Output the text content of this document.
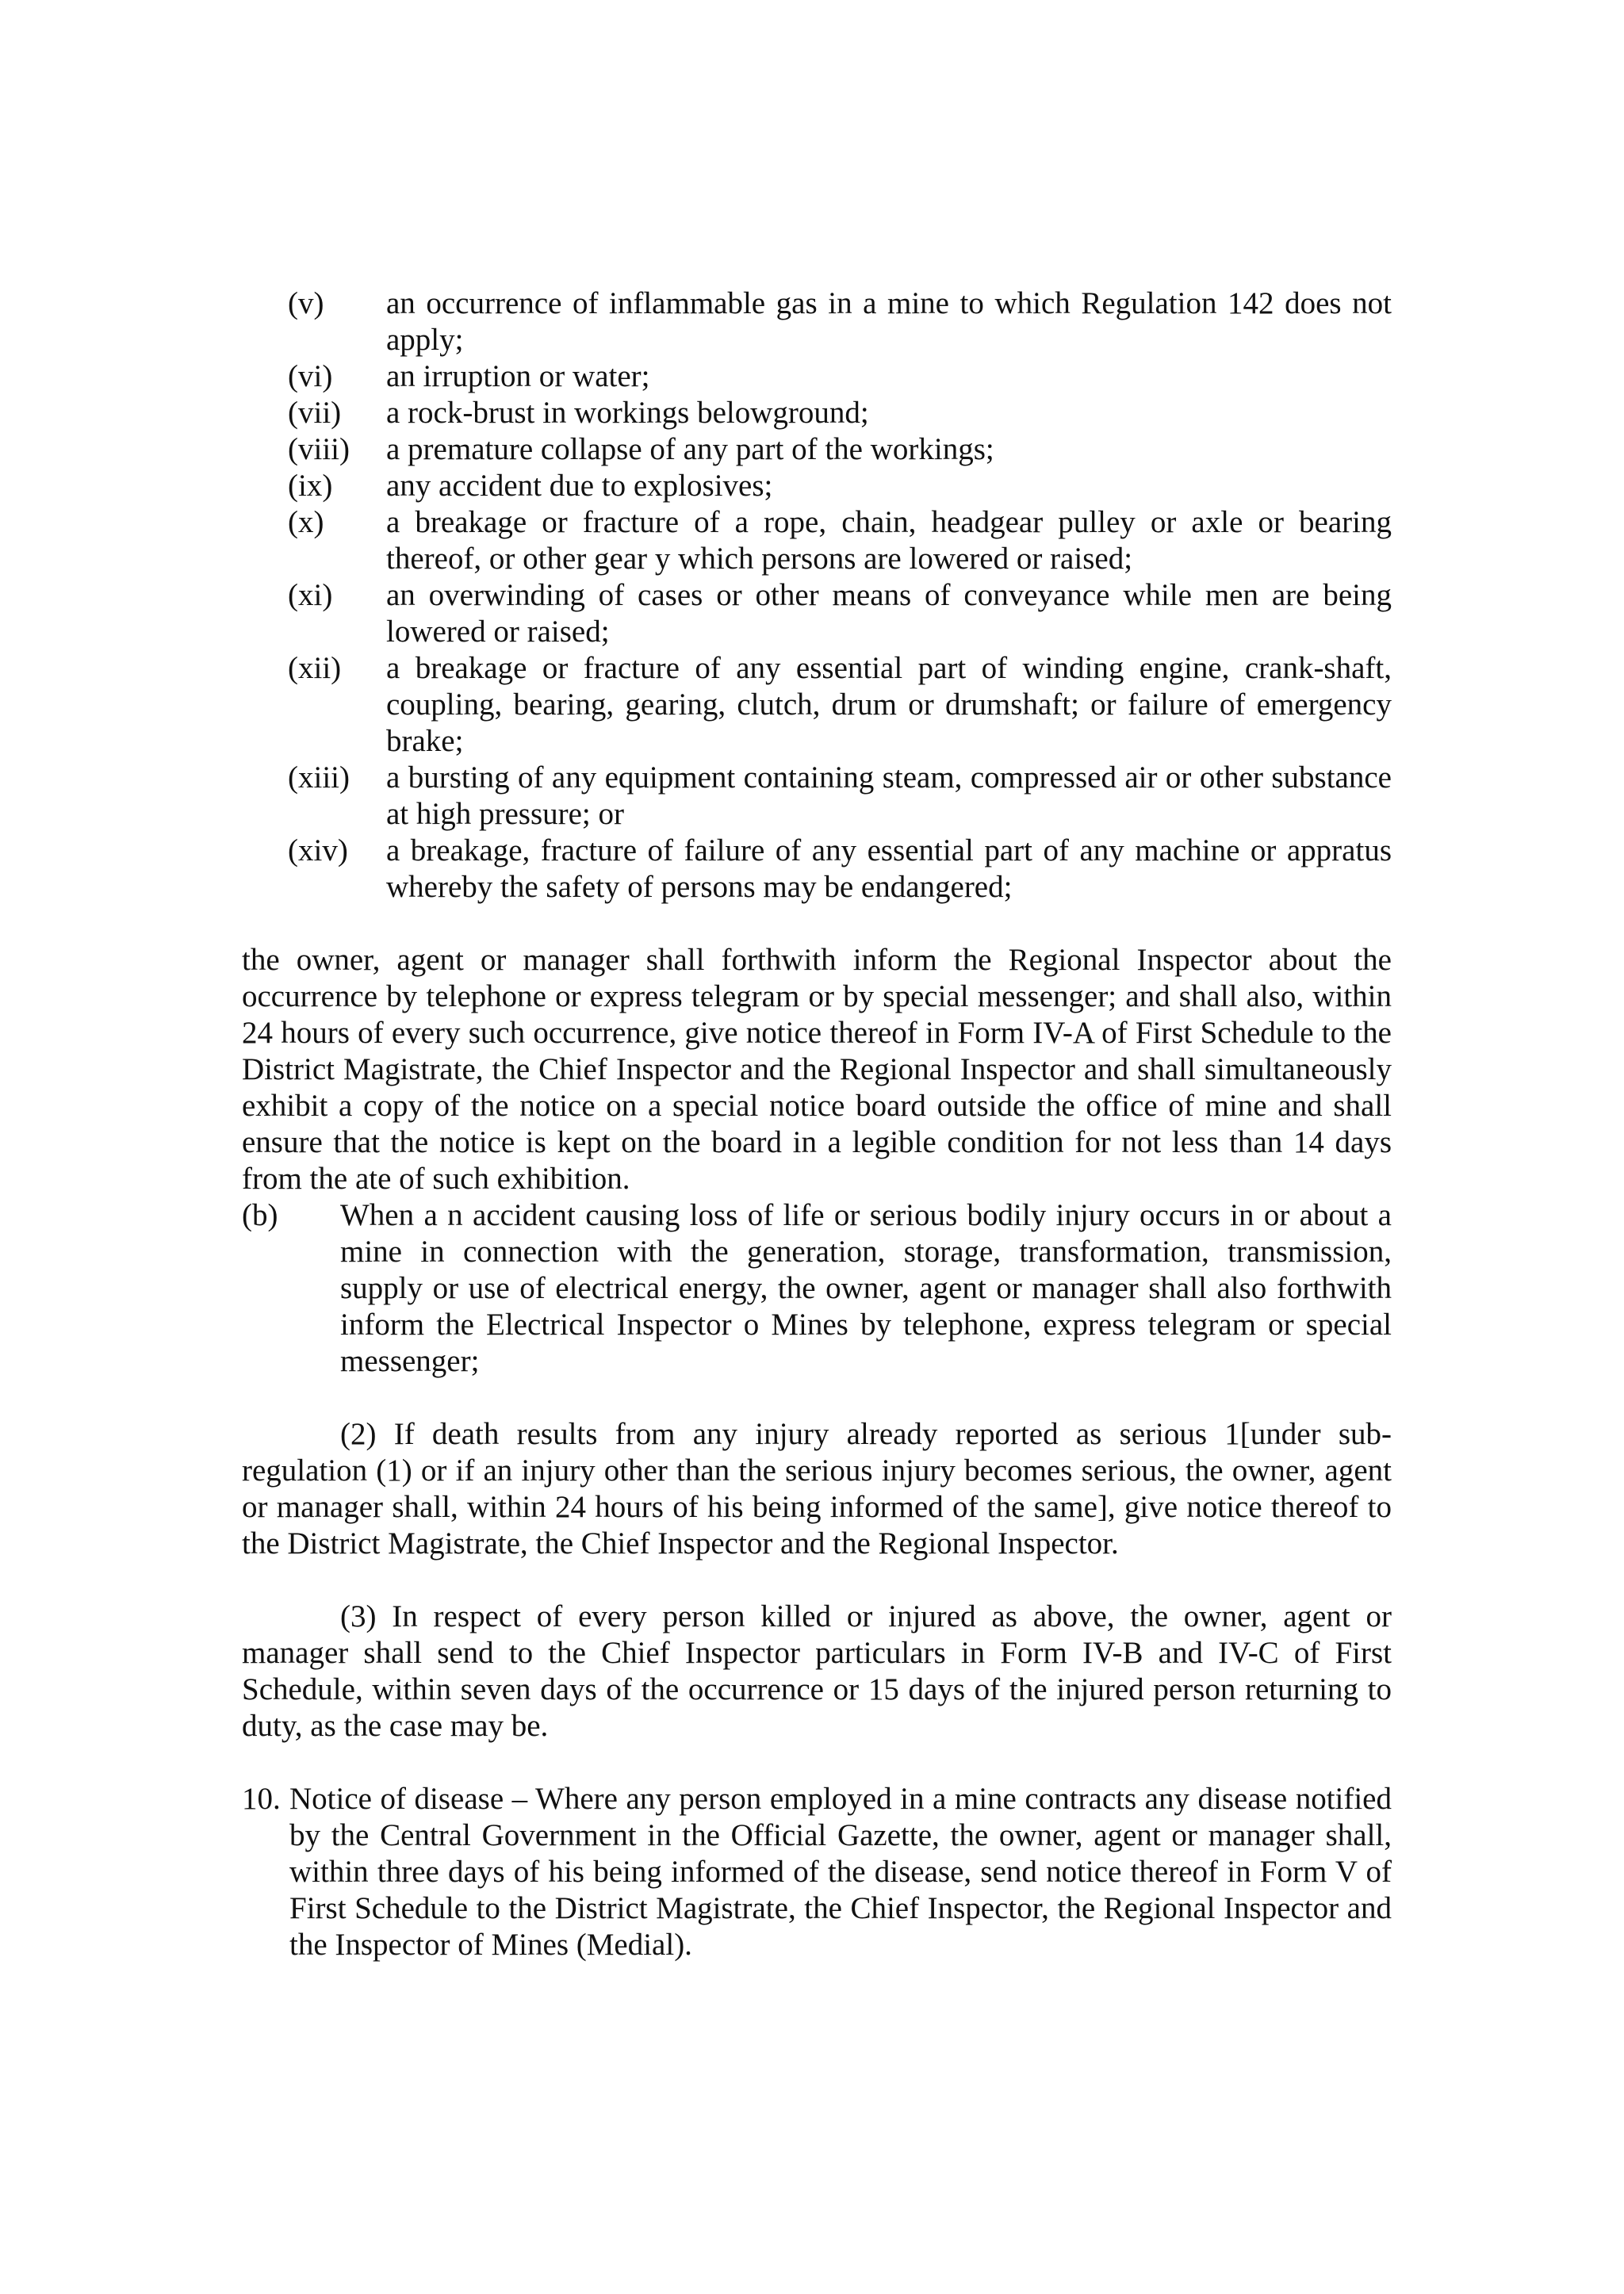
(v)	an occurrence of inflammable gas in a mine to which Regulation 142 does not apply;
(vi)	an irruption or water;
(vii)	a rock-brust in workings belowground;
(viii)	a premature collapse of any part of the workings;
(ix)	any accident due to explosives;
(x)	a breakage or fracture of a rope, chain, headgear pulley or axle or bearing thereof, or other gear y which persons are lowered or raised;
(xi)	an overwinding of cases or other means of conveyance while men are being lowered or raised;
(xii)	a breakage or fracture of any essential part of winding engine, crank-shaft, coupling, bearing, gearing, clutch, drum or drumshaft; or failure of emergency brake;
(xiii)	a bursting of any equipment containing steam, compressed air or other substance at high pressure; or
(xiv)	a breakage, fracture of failure of any essential part of any machine or appratus whereby the safety of persons may be endangered;

the owner, agent or manager shall forthwith inform the Regional Inspector about the occurrence by telephone or express telegram or by special messenger; and shall also, within 24 hours of every such occurrence, give notice thereof in Form IV-A of First Schedule to the District Magistrate, the Chief Inspector and the Regional Inspector and shall simultaneously exhibit a copy of the notice on a special notice board outside the office of mine and shall ensure that the notice is kept on the board in a legible condition for not less than 14 days from the ate of such exhibition.

(b)	When a n accident causing loss of life or serious bodily injury occurs in or about a mine in connection with the generation, storage, transformation, transmission, supply or use of electrical energy, the owner, agent or manager shall also forthwith inform the Electrical Inspector o Mines by telephone, express telegram or special messenger;

(2) If death results from any injury already reported as serious 1[under sub-regulation (1) or if an injury other than the serious injury becomes serious, the owner, agent or manager shall, within 24 hours of his being informed of the same], give notice thereof to the District Magistrate, the Chief Inspector and the Regional Inspector.

(3) In respect of every person killed or injured as above, the owner, agent or manager shall send to the Chief Inspector particulars in Form IV-B and IV-C of First Schedule, within seven days of the occurrence or 15 days of the injured person returning to duty, as the case may be.

10. Notice of disease – Where any person employed in a mine contracts any disease notified by the Central Government in the Official Gazette, the owner, agent or manager shall, within three days of his being informed of the disease, send notice thereof in Form V of First Schedule to the District Magistrate, the Chief Inspector, the Regional Inspector and the Inspector of Mines (Medial).
